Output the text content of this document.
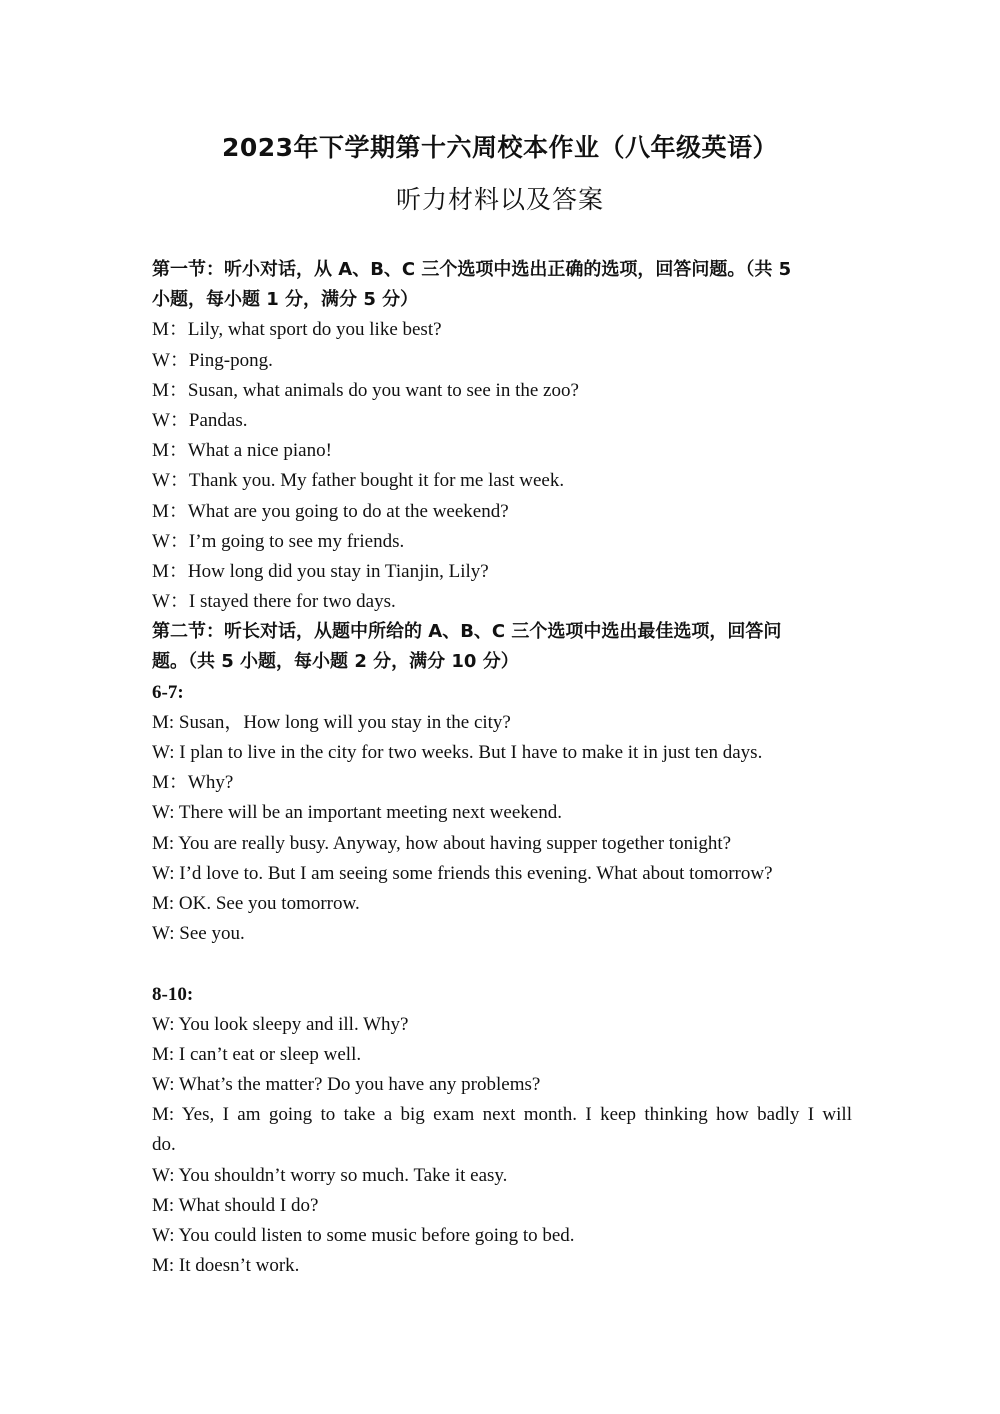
2023年下学期第十六周校本作业（八年级英语）
听力材料以及答案
第一节：听小对话，从 A、B、C 三个选项中选出正确的选项，回答问题。（共 5
小题，每小题 1 分，满分 5 分）
M：Lily, what sport do you like best?
W：Ping-pong.
M：Susan, what animals do you want to see in the zoo?
W：Pandas.
M：What a nice piano!
W：Thank you. My father bought it for me last week.
M：What are you going to do at the weekend?
W：I’m going to see my friends.
M：How long did you stay in Tianjin, Lily?
W：I stayed there for two days.
第二节：听长对话，从题中所给的 A、B、C 三个选项中选出最佳选项，回答问
题。（共 5 小题，每小题 2 分，满分 10 分）
6-7:
M: Susan，How long will you stay in the city?
W: I plan to live in the city for two weeks. But I have to make it in just ten days.
M：Why?
W: There will be an important meeting next weekend.
M: You are really busy. Anyway, how about having supper together tonight?
W: I’d love to. But I am seeing some friends this evening. What about tomorrow?
M: OK. See you tomorrow.
W: See you.
8-10:
W: You look sleepy and ill. Why?
M: I can’t eat or sleep well.
W: What’s the matter? Do you have any problems?
M: Yes, I am going to take a big exam next month. I keep thinking how badly I will
do.
W: You shouldn’t worry so much. Take it easy.
M: What should I do?
W: You could listen to some music before going to bed.
M: It doesn’t work.
